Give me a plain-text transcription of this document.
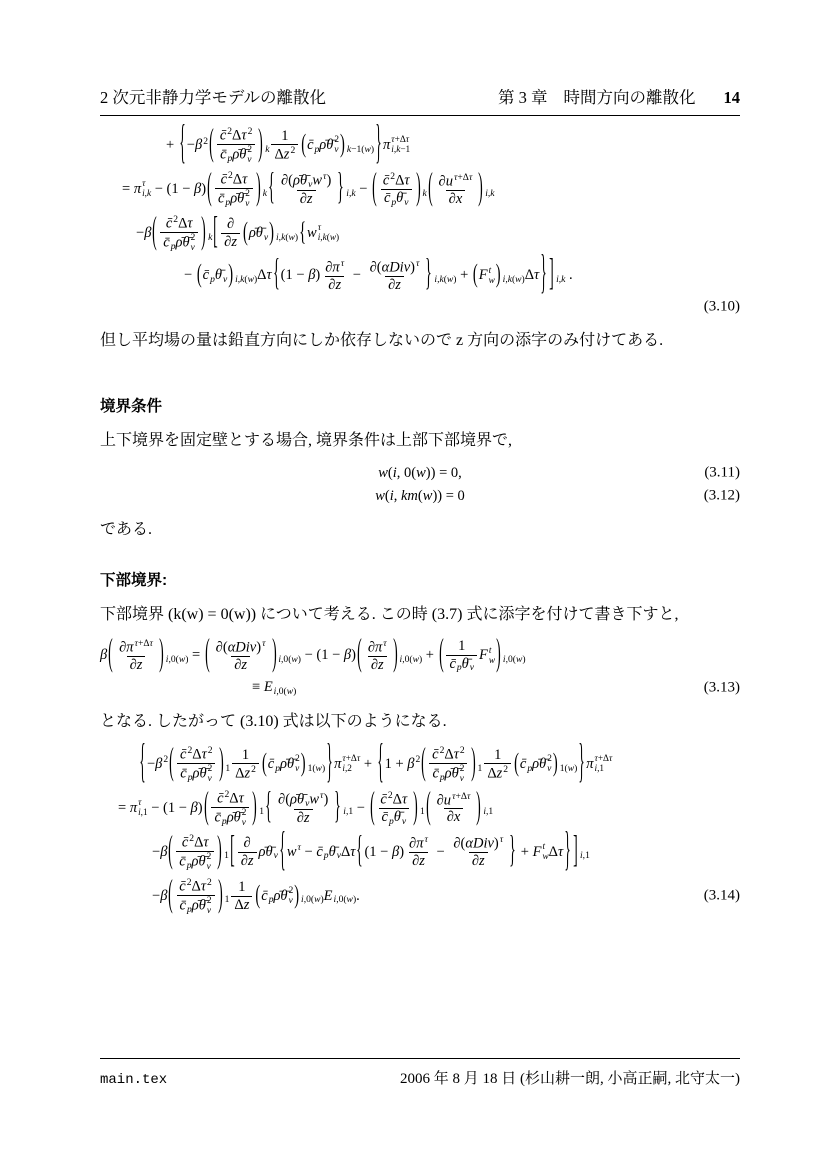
2 次元非静力学モデルの離散化	第 3 章 時間方向の離散化 14
+ {$-\beta^2$( $c̄^2\Delta\tau^2$
$c̄_p\rhō\thetā$ 2
v ) $_k \frac{1}{\Delta z^2}$ ($c̄_p\rhō\thetā$ 2
v ) $_{k-1(w)}$}π τ+Δτ
i,k−1
= π τ
i,k − (1 − β)( c̄$^2$Δτ
$c̄_p\rhō\thetā$ 2
v ) $_k\{ \frac{\partial(\rhō\thetā_vw^\tau)}{\partial z}$ } $_{i,k}$ − ( $\frac{c̄^2\Delta\tau}{c̄_p\thetā_v}$ ) $_k( \frac{\partial u^{\tau+\Delta\tau}}{\partial x}$ ) $_{i,k}$
−β( c̄$^2$Δτ
$c̄_p\rhō\thetā$ 2
v ) $_k[ \frac{\partial}{\partial z}$ $(\rhō\thetā_v)$ $_{i,k(w)}${w τ
i,k(w)
− $(c̄_p\thetā_v) _{i,k(w)}\Delta\tau\{(1 - \beta) \frac{\partial\pi^\tau}{\partial z} - \frac{\partial(\alpha Div)^\tau}{\partial z}$ } $_{i,k(w)}$ + (F t
w ) $_{i,k(w)}$Δτ} ] $_{i,k}$ .
(3.10)

但し平均場の量は鉛直方向にしか依存しないので z 方向の添字のみ付けてある.

境界条件

上下境界を固定壁とする場合, 境界条件は上部下部境界で,

w(i, 0(w)) = 0,	(3.11)
w(i, km(w)) = 0	(3.12)

である.

下部境界:

下部境界 (k(w) = 0(w)) について考える. この時 (3.7) 式に添字を付けて書き下すと,

$\beta( \frac{\partial\pi^{\tau+\Delta\tau}}{\partial z}$ ) $_{i,0(w)}$ = ( $\frac{\partial(\alpha Div)^\tau}{\partial z}$ ) $_{i,0(w)} - (1 - \beta)( \frac{\partial\pi^\tau}{\partial z}$ ) $_{i,0(w)}$ + ( $\frac{1}{c̄_p\thetā_v}$ F t
w ) $_{i,0(w)}$
≡ $E_{i,0(w)}$	(3.13)

となる. したがって (3.10) 式は以下のようになる.

{$-\beta^2$( $c̄^2\Delta\tau^2$
$c̄_p\rhō\thetā$ 2
v ) $_1 \frac{1}{\Delta z^2}$ ($c̄_p\rhō\thetā$ 2
v ) $_{1(w)}$}π τ+Δτ
$i,2 + \{1 + \beta^2$( $c̄^2\Delta\tau^2$
$c̄_p\rhō\thetā$ 2
v ) $_1 \frac{1}{\Delta z^2}$ ($c̄_p\rhō\thetā$ 2
v ) $_{1(w)}$}π τ+Δτ
i,1
= π τ
i,1 − (1 − β)( c̄$^2$Δτ
$c̄_p\rhō\thetā$ 2
v ) $_1\{ \frac{\partial(\rhō\thetā_vw^\tau)}{\partial z}$ } $_{i,1}$ − ( $\frac{c̄^2\Delta\tau}{c̄_p\thetā_v}$ ) $_1( \frac{\partial u^{\tau+\Delta\tau}}{\partial x}$ ) $_{i,1}$
−β( c̄$^2$Δτ
$c̄_p\rhō\thetā$ 2
v ) $_1[ \frac{\partial}{\partial z}$ $\rhō\thetā_v\{w^\tau$ − $c̄_p\thetā_v\Delta\tau\{(1 - \beta) \frac{\partial\pi^\tau}{\partial z} - \frac{\partial(\alpha Div)^\tau}{\partial z}$ } + F t
w Δτ} ] $_{i,1}$
−β( $c̄^2\Delta\tau^2$
$c̄_p\rhō\thetā$ 2
v ) $_1 \frac{1}{\Delta z}$ ($c̄_p\rhō\thetā$ 2
v ) $_{i,0(w)}E_{i,0(w)}$.	(3.14)
main.tex	2006 年 8 月 18 日 (杉山耕一朗, 小高正嗣, 北守太一)
